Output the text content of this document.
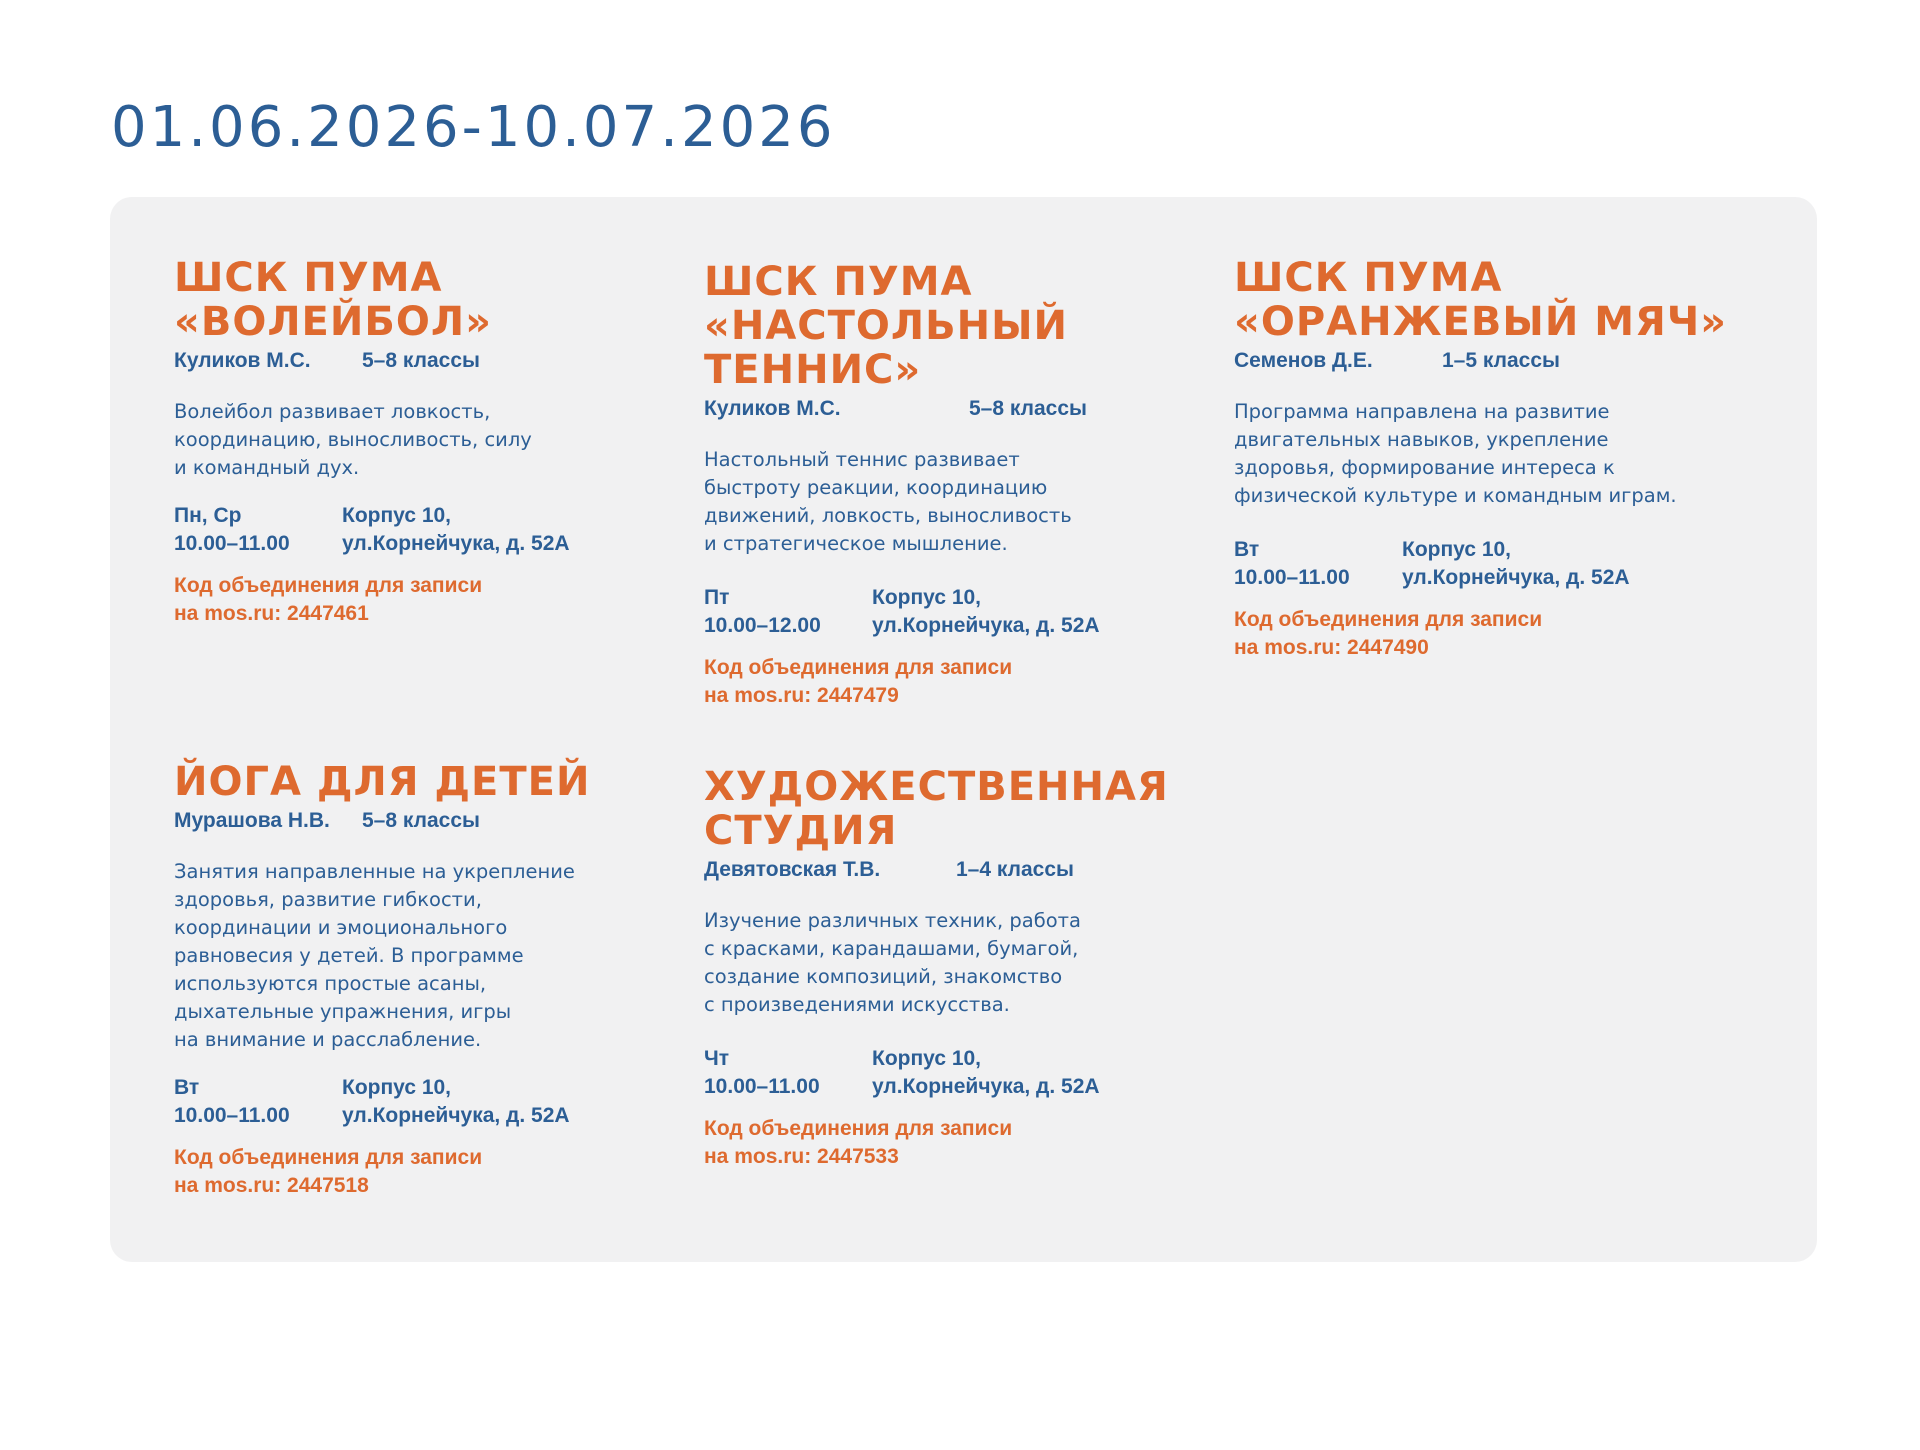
01.06.2026-10.07.2026
ШСК ПУМА
«ВОЛЕЙБОЛ»
Куликов М.С.	5–8 классы
Волейбол развивает ловкость,
координацию, выносливость, силу
и командный дух.
Пн, Ср
10.00–11.00
Корпус 10,
ул.Корнейчука, д. 52А
Код объединения для записи
на mos.ru: 2447461
ШСК ПУМА
«НАСТОЛЬНЫЙ
ТЕННИС»
Куликов М.С.	5–8 классы
Настольный теннис развивает
быстроту реакции, координацию
движений, ловкость, выносливость
и стратегическое мышление.
Пт
10.00–12.00
Корпус 10,
ул.Корнейчука, д. 52А
Код объединения для записи
на mos.ru: 2447479
ШСК ПУМА
«ОРАНЖЕВЫЙ МЯЧ»
Семенов Д.Е.	1–5 классы
Программа направлена на развитие
двигательных навыков, укрепление
здоровья, формирование интереса к
физической культуре и командным играм.
Вт
10.00–11.00
Корпус 10,
ул.Корнейчука, д. 52А
Код объединения для записи
на mos.ru: 2447490
ЙОГА ДЛЯ ДЕТЕЙ
Мурашова Н.В.	5–8 классы
Занятия направленные на укрепление
здоровья, развитие гибкости,
координации и эмоционального
равновесия у детей. В программе
используются простые асаны,
дыхательные упражнения, игры
на внимание и расслабление.
Вт
10.00–11.00
Корпус 10,
ул.Корнейчука, д. 52А
Код объединения для записи
на mos.ru: 2447518
ХУДОЖЕСТВЕННАЯ
СТУДИЯ
Девятовская Т.В.	1–4 классы
Изучение различных техник, работа
с красками, карандашами, бумагой,
создание композиций, знакомство
с произведениями искусства.
Чт
10.00–11.00
Корпус 10,
ул.Корнейчука, д. 52А
Код объединения для записи
на mos.ru: 2447533
